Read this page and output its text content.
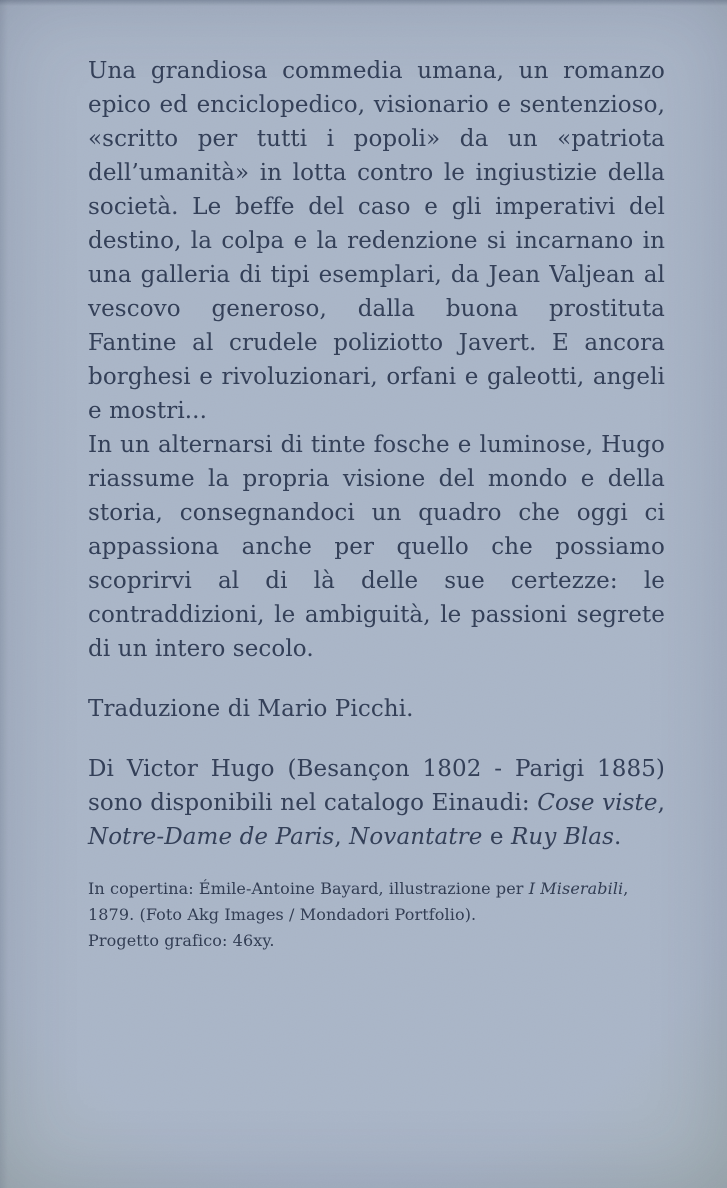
Una grandiosa commedia umana, un romanzo epico ed enciclopedico, visionario e sentenzioso, «scritto per tutti i popoli» da un «patriota dell’umanità» in lotta contro le ingiustizie della società. Le beffe del caso e gli imperativi del destino, la colpa e la redenzione si incarnano in una galleria di tipi esemplari, da Jean Valjean al vescovo generoso, dalla buona prostituta Fantine al crudele poliziotto Javert. E ancora borghesi e rivoluzionari, orfani e galeotti, angeli e mostri...

In un alternarsi di tinte fosche e luminose, Hugo riassume la propria visione del mondo e della storia, consegnandoci un quadro che oggi ci appassiona anche per quello che possiamo scoprirvi al di là delle sue certezze: le contraddizioni, le ambiguità, le passioni segrete di un intero secolo.

Traduzione di Mario Picchi.

Di Victor Hugo (Besançon 1802 - Parigi 1885) sono disponibili nel catalogo Einaudi: Cose viste, Notre-Dame de Paris, Novantatre e Ruy Blas.

In copertina: Émile-Antoine Bayard, illustrazione per I Miserabili, 1879. (Foto Akg Images / Mondadori Portfolio).

Progetto grafico: 46xy.
